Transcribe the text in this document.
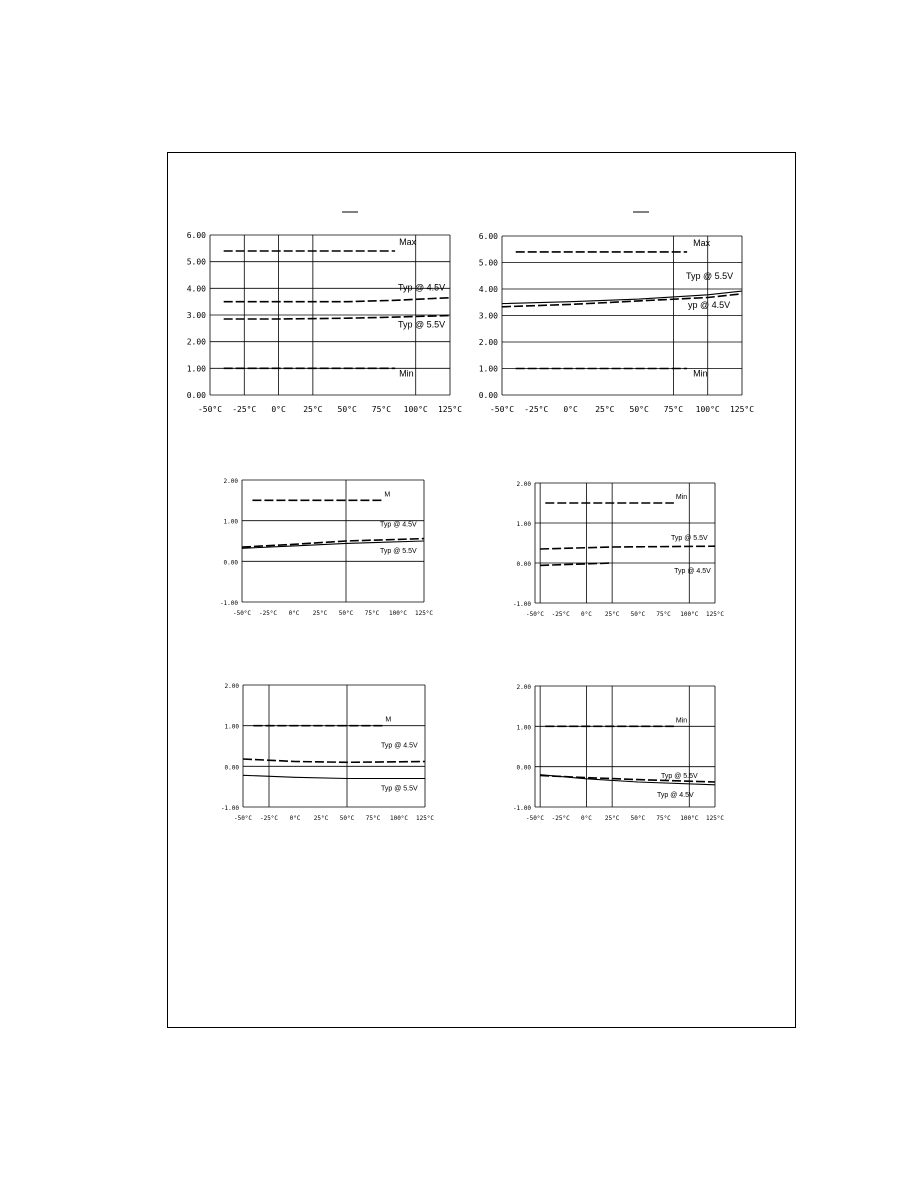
0.00
1.00
2.00
3.00
4.00
5.00
6.00
-50°C -25°C 0°C 25°C 50°C 75°C 100°C 125°C
Max
Typ @ 4.5V
Typ @ 5.5V
Min
0.00
1.00
2.00
3.00
4.00
5.00
6.00
-50°C -25°C 0°C 25°C 50°C 75°C 100°C 125°C
Max
Typ @ 5.5V
yp @ 4.5V
Min
-1.00
0.00
1.00
2.00
-50°C -25°C 0°C 25°C 50°C 75°C 100°C 125°C
M
Typ @ 4.5V
Typ @ 5.5V
-1.00
0.00
1.00
2.00
-50°C -25°C 0°C 25°C 50°C 75°C 100°C 125°C
Min
Typ @ 5.5V
Typ @ 4.5V
-1.00
0.00
1.00
2.00
-50°C -25°C 0°C 25°C 50°C 75°C 100°C 125°C
M
Typ @ 4.5V
Typ @ 5.5V
-1.00
0.00
1.00
2.00
-50°C -25°C 0°C 25°C 50°C 75°C 100°C 125°C
Min
Typ @ 5.5V
Typ @ 4.5V
